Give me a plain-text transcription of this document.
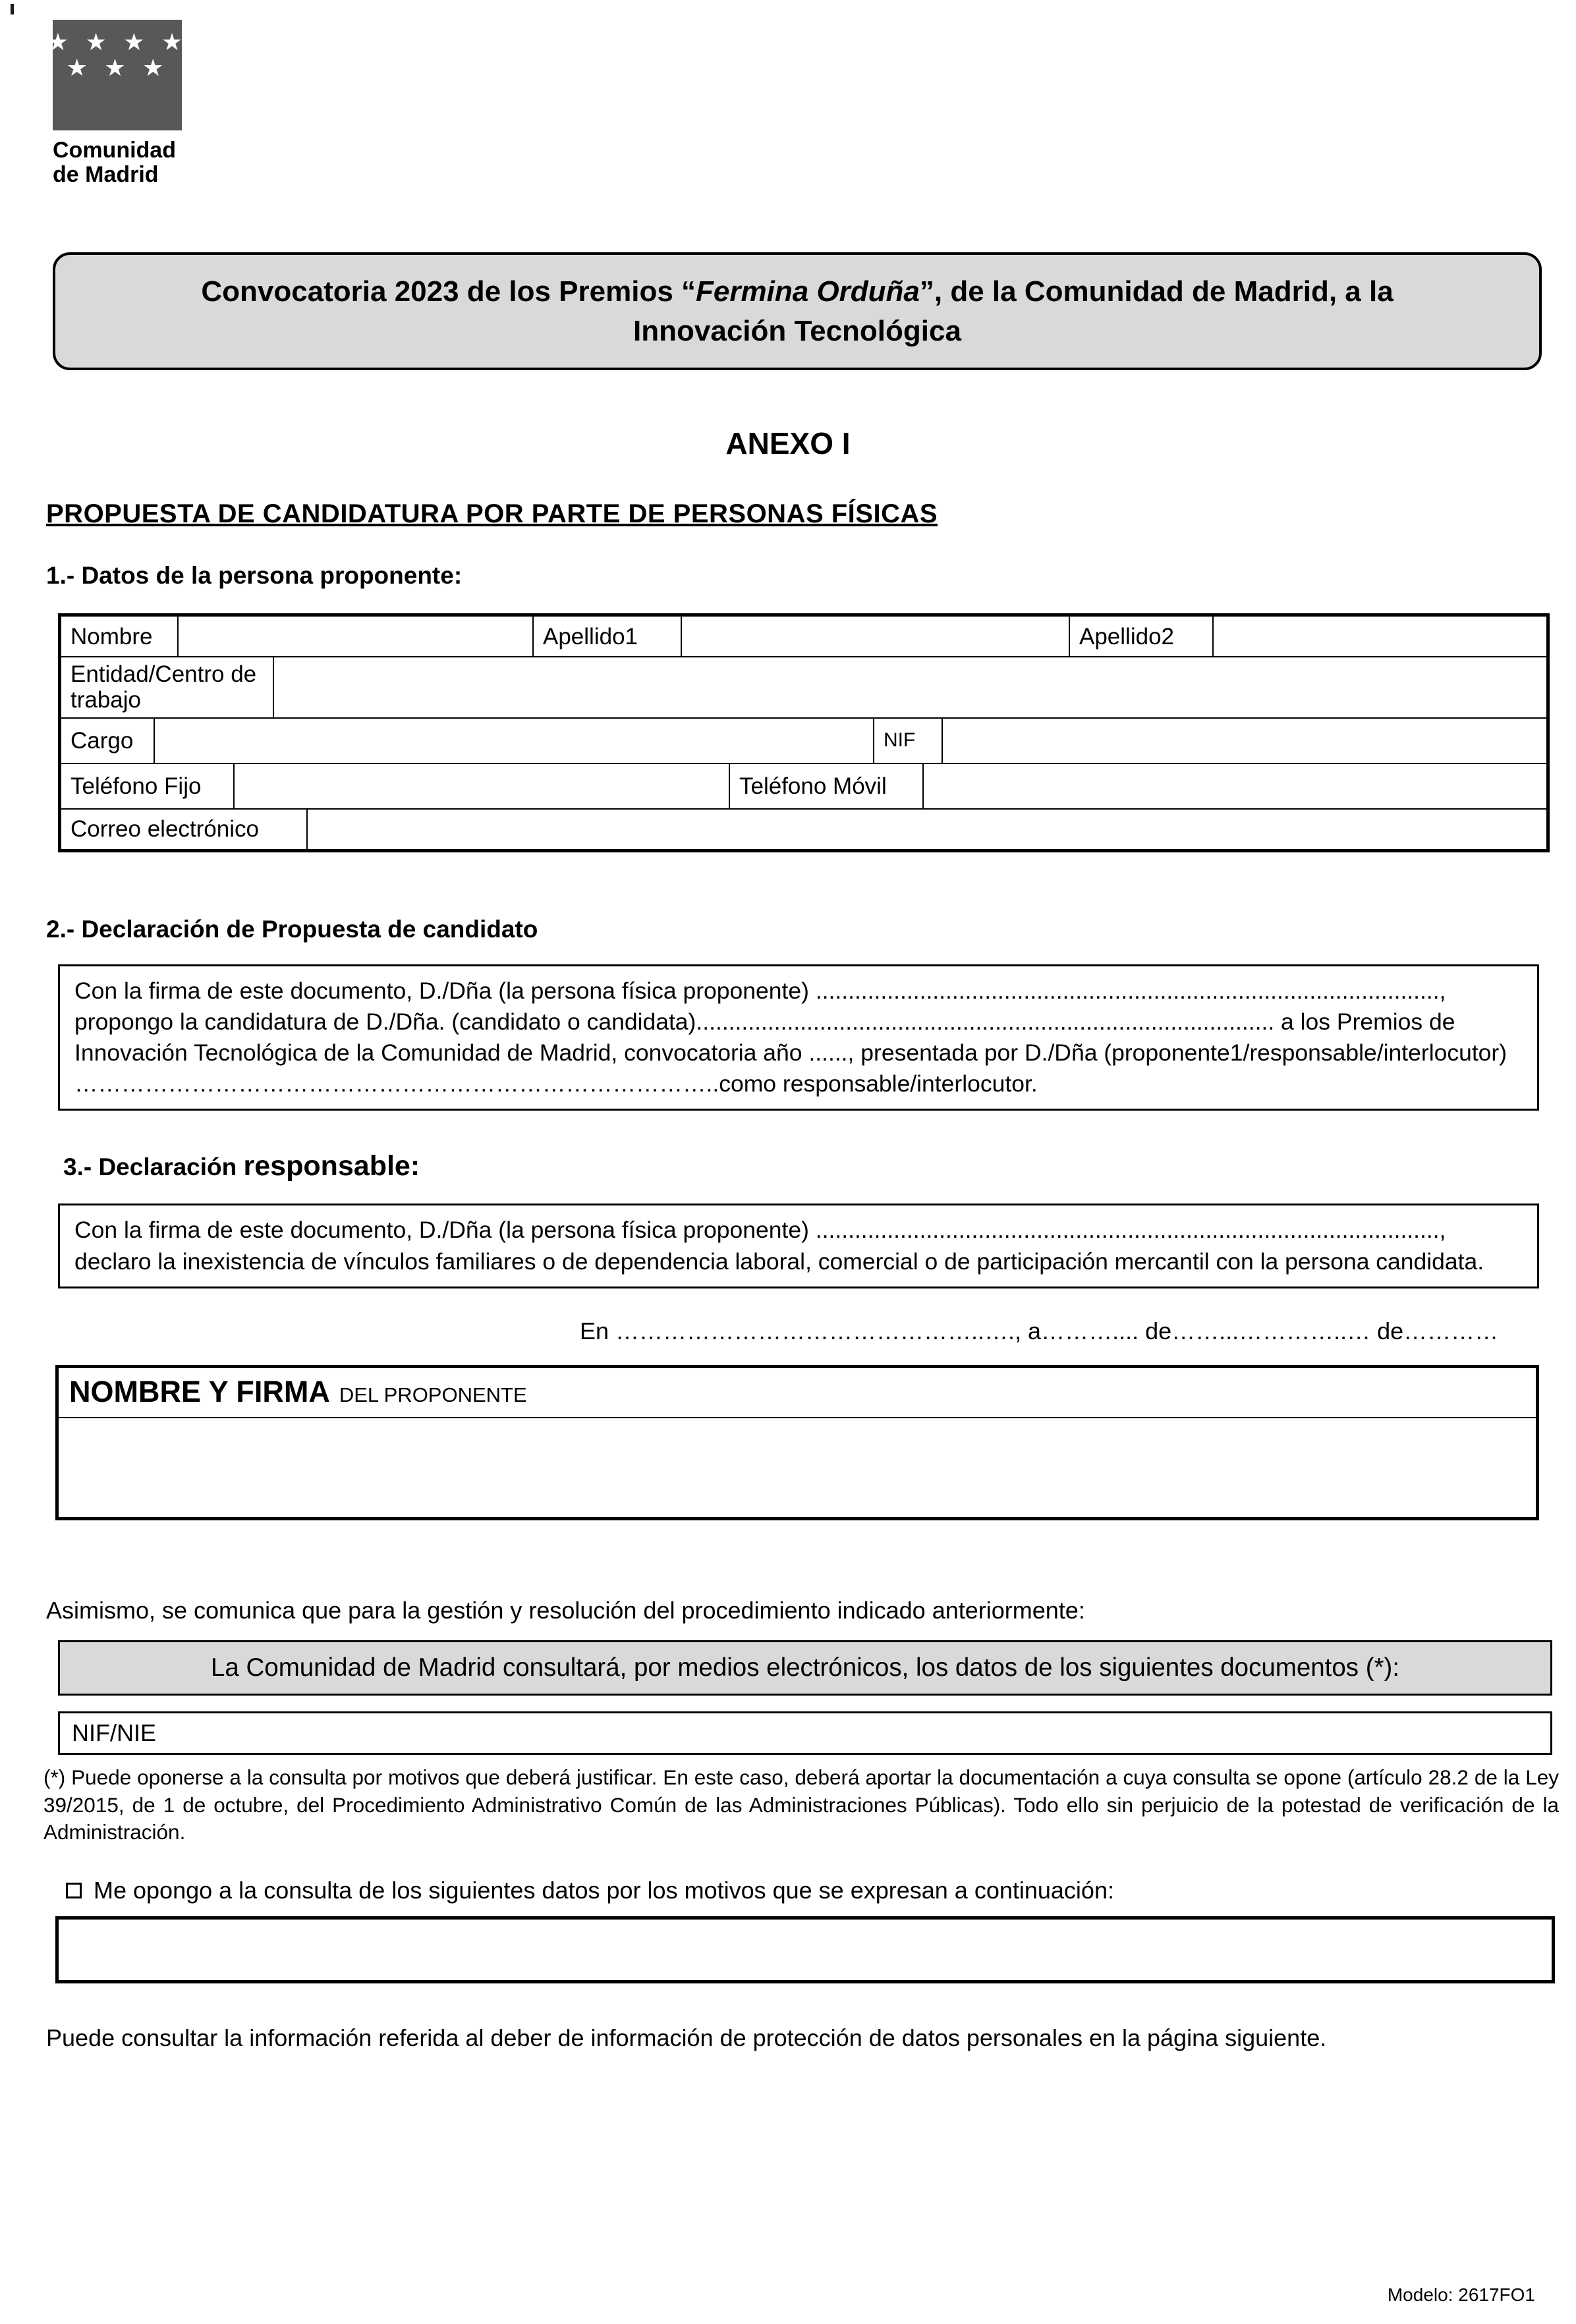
★ ★ ★ ★
★ ★ ★
Comunidad
de Madrid
Convocatoria 2023 de los Premios “Fermina Orduña”, de la Comunidad de Madrid, a la Innovación Tecnológica
ANEXO I
PROPUESTA DE CANDIDATURA POR PARTE DE PERSONAS FÍSICAS
1.- Datos de la persona proponente:
Nombre	Apellido1	Apellido2
Entidad/Centro de trabajo
Cargo	NIF
Teléfono Fijo	Teléfono Móvil
Correo electrónico
2.- Declaración de Propuesta de candidato
Con la firma de este documento, D./Dña (la persona física proponente) ................................................................................................, propongo la candidatura de D./Dña. (candidato o candidata)......................................................................................... a los Premios de Innovación Tecnológica de la Comunidad de Madrid, convocatoria año ......, presentada por D./Dña (proponente1/responsable/interlocutor) ………………………………………………………………………..como responsable/interlocutor.
3.- Declaración responsable:
Con la firma de este documento, D./Dña (la persona física proponente) ................................................................................................, declaro la inexistencia de vínculos familiares o de dependencia laboral, comercial o de participación mercantil con la persona candidata.
En ………………………………………..…., a……….... de……...…………..… de…………
NOMBRE Y FIRMA DEL PROPONENTE
Asimismo, se comunica que para la gestión y resolución del procedimiento indicado anteriormente:
La Comunidad de Madrid consultará, por medios electrónicos, los datos de los siguientes documentos (*):
NIF/NIE
(*) Puede oponerse a la consulta por motivos que deberá justificar. En este caso, deberá aportar la documentación a cuya consulta se opone (artículo 28.2 de la Ley 39/2015, de 1 de octubre, del Procedimiento Administrativo Común de las Administraciones Públicas). Todo ello sin perjuicio de la potestad de verificación de la Administración.
Me opongo a la consulta de los siguientes datos por los motivos que se expresan a continuación:
Puede consultar la información referida al deber de información de protección de datos personales en la página siguiente.
Modelo: 2617FO1
